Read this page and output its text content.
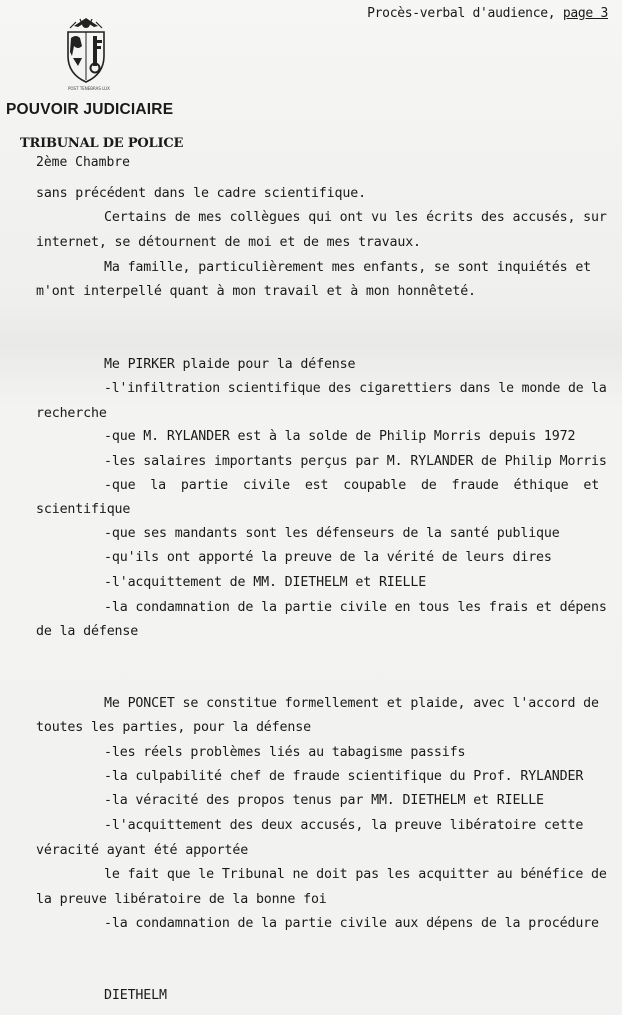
Procès-verbal d'audience, page 3
POST TENEBRAS LUX
POUVOIR JUDICIAIRE
TRIBUNAL DE POLICE
2ème Chambre
sans précédent dans le cadre scientifique.
Certains de mes collègues qui ont vu les écrits des accusés, sur
internet, se détournent de moi et de mes travaux.
Ma famille, particulièrement mes enfants, se sont inquiétés et
m'ont interpellé quant à mon travail et à mon honnêteté.
Me PIRKER plaide pour la défense
-l'infiltration scientifique des cigarettiers dans le monde de la
recherche
-que M. RYLANDER est à la solde de Philip Morris depuis 1972
-les salaires importants perçus par M. RYLANDER de Philip Morris
-que la partie civile est coupable de fraude éthique et
scientifique
-que ses mandants sont les défenseurs de la santé publique
-qu'ils ont apporté la preuve de la vérité de leurs dires
-l'acquittement de MM. DIETHELM et RIELLE
-la condamnation de la partie civile en tous les frais et dépens
de la défense
Me PONCET se constitue formellement et plaide, avec l'accord de
toutes les parties, pour la défense
-les réels problèmes liés au tabagisme passifs
-la culpabilité chef de fraude scientifique du Prof. RYLANDER
-la véracité des propos tenus par MM. DIETHELM et RIELLE
-l'acquittement des deux accusés, la preuve libératoire cette
véracité ayant été apportée
le fait que le Tribunal ne doit pas les acquitter au bénéfice de
la preuve libératoire de la bonne foi
-la condamnation de la partie civile aux dépens de la procédure
DIETHELM
